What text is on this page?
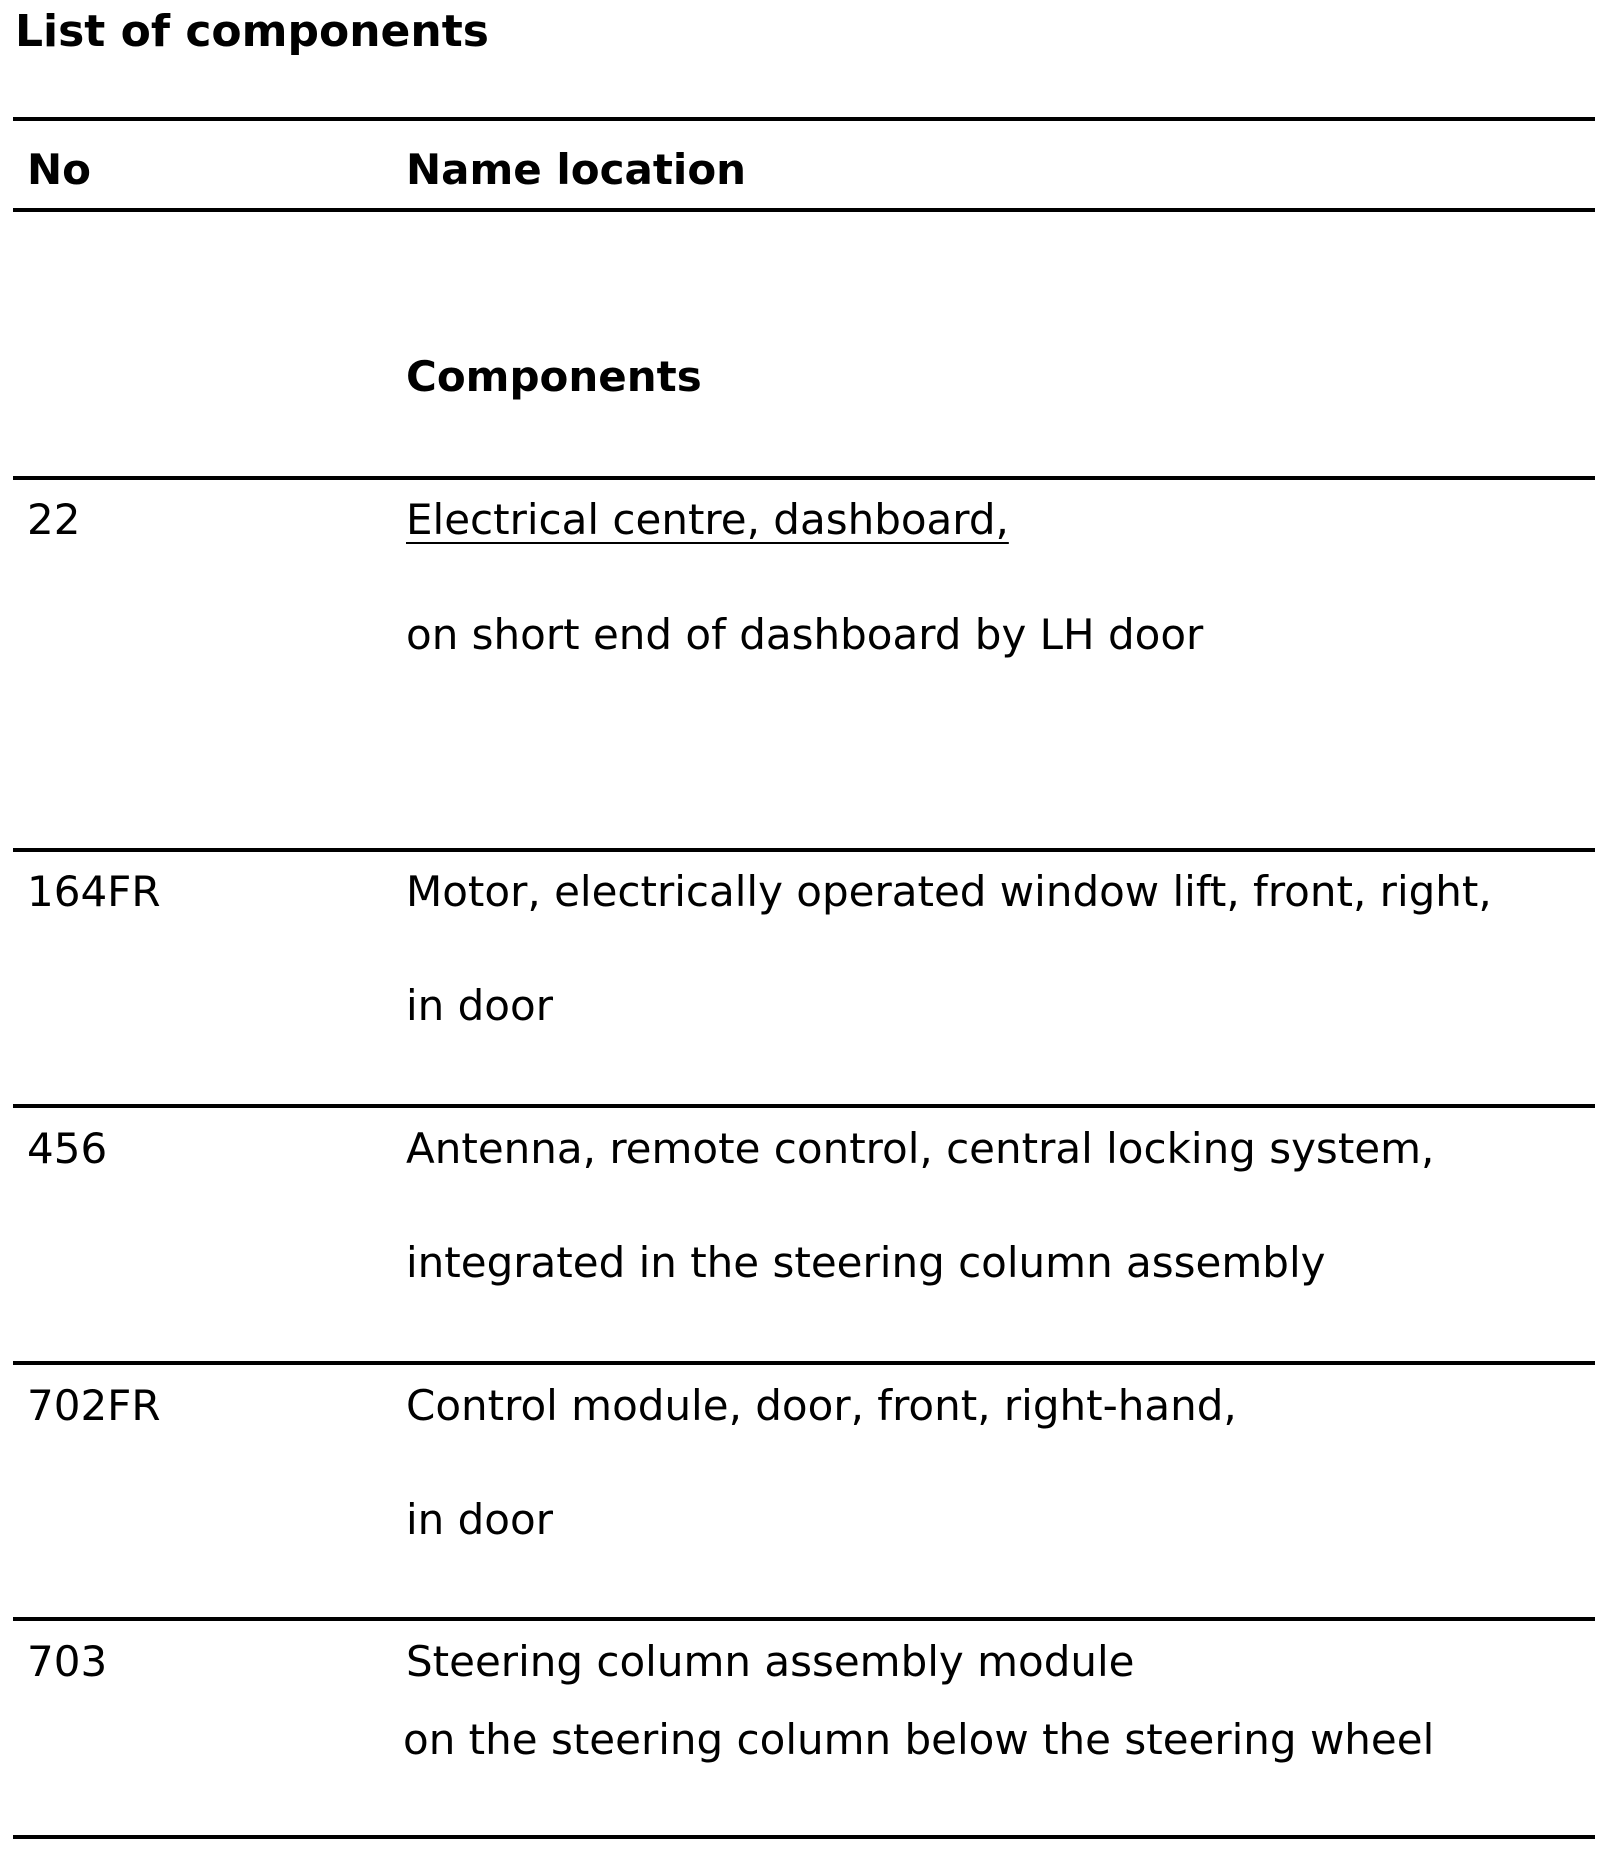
List of components
No	Name location
Components
22	Electrical centre, dashboard,
on short end of dashboard by LH door
164FR	Motor, electrically operated window lift, front, right,
in door
456	Antenna, remote control, central locking system,
integrated in the steering column assembly
702FR	Control module, door, front, right-hand,
in door
703	Steering column assembly module
on the steering column below the steering wheel
